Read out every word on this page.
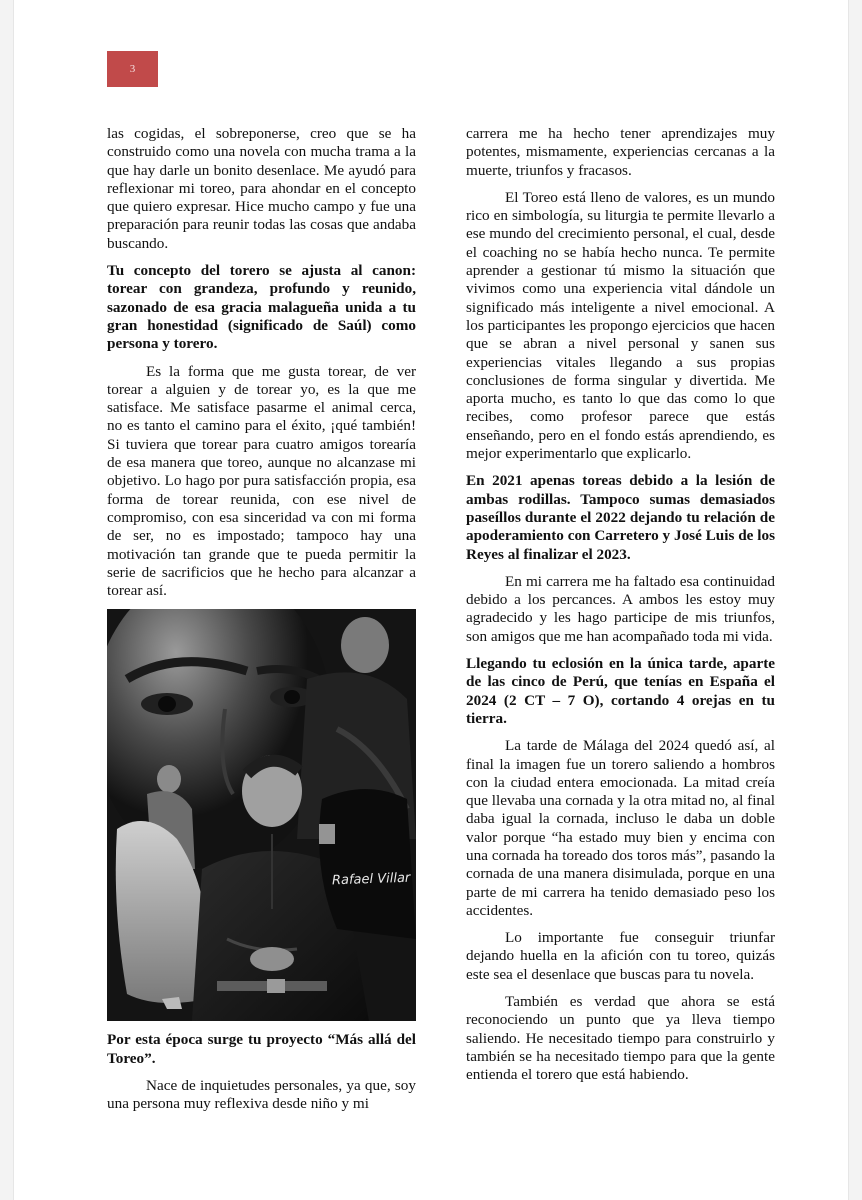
3

las cogidas, el sobreponerse, creo que se ha construido como una novela con mucha trama a la que hay darle un bonito desenlace. Me ayudó para reflexionar mi toreo, para ahondar en el concepto que quiero expresar. Hice mucho campo y fue una preparación para reunir todas las cosas que andaba buscando.

Tu concepto del torero se ajusta al canon: torear con grandeza, profundo y reunido, sazonado de esa gracia malagueña unida a tu gran honestidad (significado de Saúl) como persona y torero.

Es la forma que me gusta torear, de ver torear a alguien y de torear yo, es la que me satisface. Me satisface pasarme el animal cerca, no es tanto el camino para el éxito, ¡qué también! Si tuviera que torear para cuatro amigos torearía de esa manera que toreo, aunque no alcanzase mi objetivo. Lo hago por pura satisfacción propia, esa forma de torear reunida, con ese nivel de compromiso, con esa sinceridad va con mi forma de ser, no es impostado; tampoco hay una motivación tan grande que te pueda permitir la serie de sacrificios que he hecho para alcanzar a torear así.

Rafael Villar

Por esta época surge tu proyecto “Más allá del Toreo”.

Nace de inquietudes personales, ya que, soy una persona muy reflexiva desde niño y mi

carrera me ha hecho tener aprendizajes muy potentes, mismamente, experiencias cercanas a la muerte, triunfos y fracasos.

El Toreo está lleno de valores, es un mundo rico en simbología, su liturgia te permite llevarlo a ese mundo del crecimiento personal, el cual, desde el coaching no se había hecho nunca. Te permite aprender a gestionar tú mismo la situación que vivimos como una experiencia vital dándole un significado más inteligente a nivel emocional. A los participantes les propongo ejercicios que hacen que se abran a nivel personal y sanen sus experiencias vitales llegando a sus propias conclusiones de forma singular y divertida. Me aporta mucho, es tanto lo que das como lo que recibes, como profesor parece que estás enseñando, pero en el fondo estás aprendiendo, es mejor experimentarlo que explicarlo.

En 2021 apenas toreas debido a la lesión de ambas rodillas. Tampoco sumas demasiados paseíllos durante el 2022 dejando tu relación de apoderamiento con Carretero y José Luis de los Reyes al finalizar el 2023.

En mi carrera me ha faltado esa continuidad debido a los percances. A ambos les estoy muy agradecido y les hago participe de mis triunfos, son amigos que me han acompañado toda mi vida.

Llegando tu eclosión en la única tarde, aparte de las cinco de Perú, que tenías en España el 2024 (2 CT – 7 O), cortando 4 orejas en tu tierra.

La tarde de Málaga del 2024 quedó así, al final la imagen fue un torero saliendo a hombros con la ciudad entera emocionada. La mitad creía que llevaba una cornada y la otra mitad no, al final daba igual la cornada, incluso le daba un doble valor porque “ha estado muy bien y encima con una cornada ha toreado dos toros más”, pasando la cornada de una manera disimulada, porque en una parte de mi carrera ha tenido demasiado peso los accidentes.

Lo importante fue conseguir triunfar dejando huella en la afición con tu toreo, quizás este sea el desenlace que buscas para tu novela.

También es verdad que ahora se está reconociendo un punto que ya lleva tiempo saliendo. He necesitado tiempo para construirlo y también se ha necesitado tiempo para que la gente entienda el torero que está habiendo.
